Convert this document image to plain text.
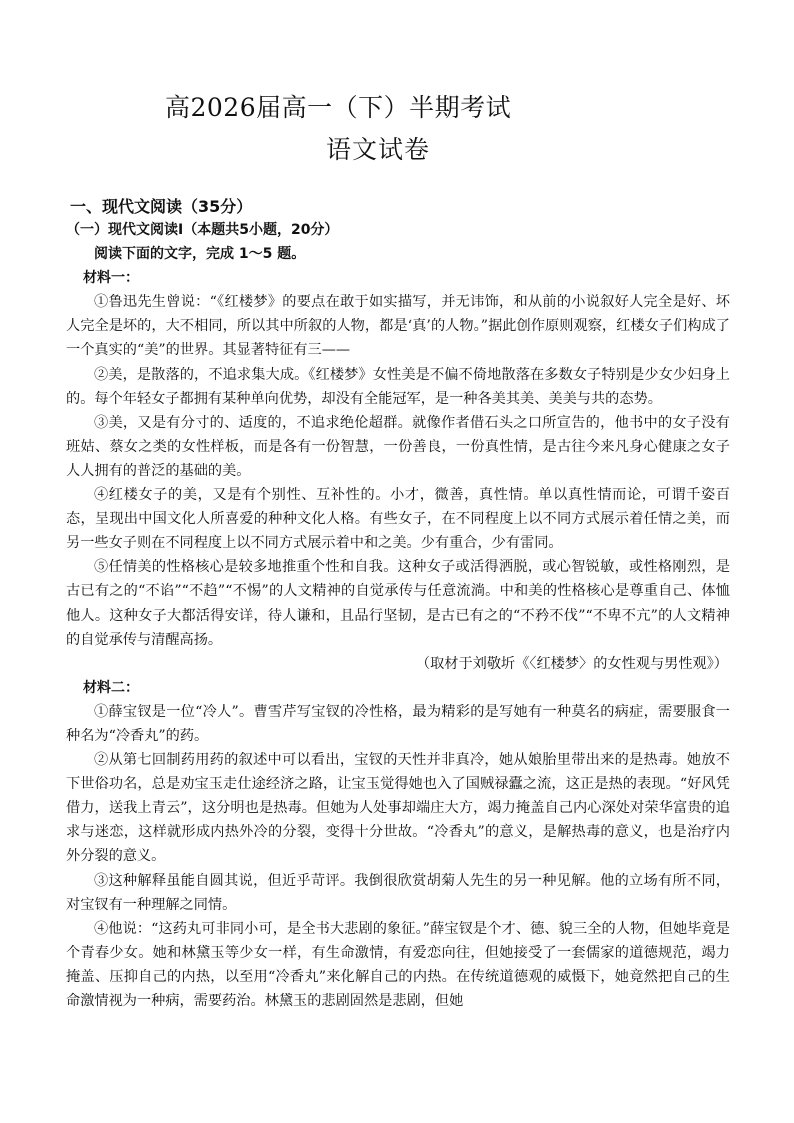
高2026届高一（下）半期考试
语文试卷
一、现代文阅读（35分）

（一）现代文阅读Ⅰ（本题共5小题，20分）

阅读下面的文字，完成 1～5 题。

材料一：

①鲁迅先生曾说：“《红楼梦》的要点在敢于如实描写，并无讳饰，和从前的小说叙好人完全是好、坏人完全是坏的，大不相同，所以其中所叙的人物，都是‘真’的人物。”据此创作原则观察，红楼女子们构成了一个真实的“美”的世界。其显著特征有三——

②美，是散落的，不追求集大成。《红楼梦》女性美是不偏不倚地散落在多数女子特别是少女少妇身上的。每个年轻女子都拥有某种单向优势，却没有全能冠军，是一种各美其美、美美与共的态势。

③美，又是有分寸的、适度的，不追求绝伦超群。就像作者借石头之口所宣告的，他书中的女子没有班姑、蔡女之类的女性样板，而是各有一份智慧，一份善良，一份真性情，是古往今来凡身心健康之女子人人拥有的普泛的基础的美。

④红楼女子的美，又是有个别性、互补性的。小才，微善，真性情。单以真性情而论，可谓千姿百态，呈现出中国文化人所喜爱的种种文化人格。有些女子，在不同程度上以不同方式展示着任情之美，而另一些女子则在不同程度上以不同方式展示着中和之美。少有重合，少有雷同。

⑤任情美的性格核心是较多地推重个性和自我。这种女子或活得洒脱，或心智锐敏，或性格刚烈，是古已有之的“不谄”“不趋”“不惕”的人文精神的自觉承传与任意流淌。中和美的性格核心是尊重自己、体恤他人。这种女子大都活得安详，待人谦和，且品行坚韧，是古已有之的“不矜不伐”“不卑不亢”的人文精神的自觉承传与清醒高扬。

（取材于刘敬圻《〈红楼梦〉的女性观与男性观》）

材料二：

①薛宝钗是一位“冷人”。曹雪芹写宝钗的冷性格，最为精彩的是写她有一种莫名的病症，需要服食一种名为“冷香丸”的药。

②从第七回制药用药的叙述中可以看出，宝钗的天性并非真冷，她从娘胎里带出来的是热毒。她放不下世俗功名，总是劝宝玉走仕途经济之路，让宝玉觉得她也入了国贼禄蠹之流，这正是热的表现。“好风凭借力，送我上青云”，这分明也是热毒。但她为人处事却端庄大方，竭力掩盖自己内心深处对荣华富贵的追求与迷恋，这样就形成内热外冷的分裂，变得十分世故。“冷香丸”的意义，是解热毒的意义，也是治疗内外分裂的意义。

③这种解释虽能自圆其说，但近乎苛评。我倒很欣赏胡菊人先生的另一种见解。他的立场有所不同，对宝钗有一种理解之同情。

④他说：“这药丸可非同小可，是全书大悲剧的象征。”薛宝钗是个才、德、貌三全的人物，但她毕竟是个青春少女。她和林黛玉等少女一样，有生命激情，有爱恋向往，但她接受了一套儒家的道德规范，竭力掩盖、压抑自己的内热，以至用“冷香丸”来化解自己的内热。在传统道德观的威慑下，她竟然把自己的生命激情视为一种病，需要药治。林黛玉的悲剧固然是悲剧，但她
